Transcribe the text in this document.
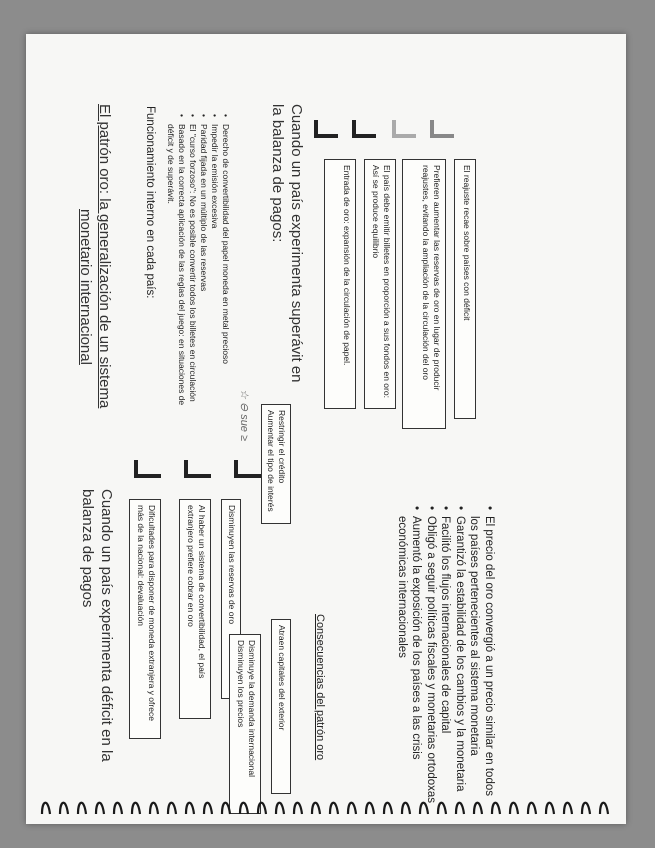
El patrón oro: la generalización de un sistema
monetario internacional	Funcionamiento interno en cada país:	• Derecho de convertibilidad del papel moneda en metal precioso
• Impedir la emisión excesiva
• Paridad fijada en un múltiplo de las reservas
• El "curso forzoso": No es posible convertir todos los billetes en circulación
• Basado en la correcta aplicación de las reglas del juego: en situaciones de déficit y de superávit.	Cuando un país experimenta superávit en
la balanza de pagos:	Entrada de oro: expansión de la circulación de papel.	El país debe emitir billetes en proporción a sus fondos en oro: Así se produce equilibrio	Prefieren aumentar las reservas de oro en lugar de producir reajustes, evitando la ampliación de la circulación del oro	El reajuste recae sobre países con déficit
Cuando un país experimenta déficit en la
balanza de pagos	Dificultades para disponer de moneda extranjera y ofrece más de la nacional: devaluación	Al haber un sistema de convertibilidad, el país extranjero prefiere cobrar en oro	Disminuyen las reservas de oro
Disminuye la demanda internacional
Disminuyen los precios	Atraen capitales del exterior
Restringir el crédito
Aumentar el tipo de interés
☆ ⊖ sue ≥
Consecuencias del patrón oro	• El precio del oro convergió a un precio similar en todos los países pertenecientes al sistema monetaria
• Garantizó la estabilidad de los cambios y la monetaria
• Facilitó los flujos internacionales de capital
• Obligó a seguir políticas fiscales y monetarias ortodoxas
• Aumentó la exposición de los países a las crisis económicas internacionales
